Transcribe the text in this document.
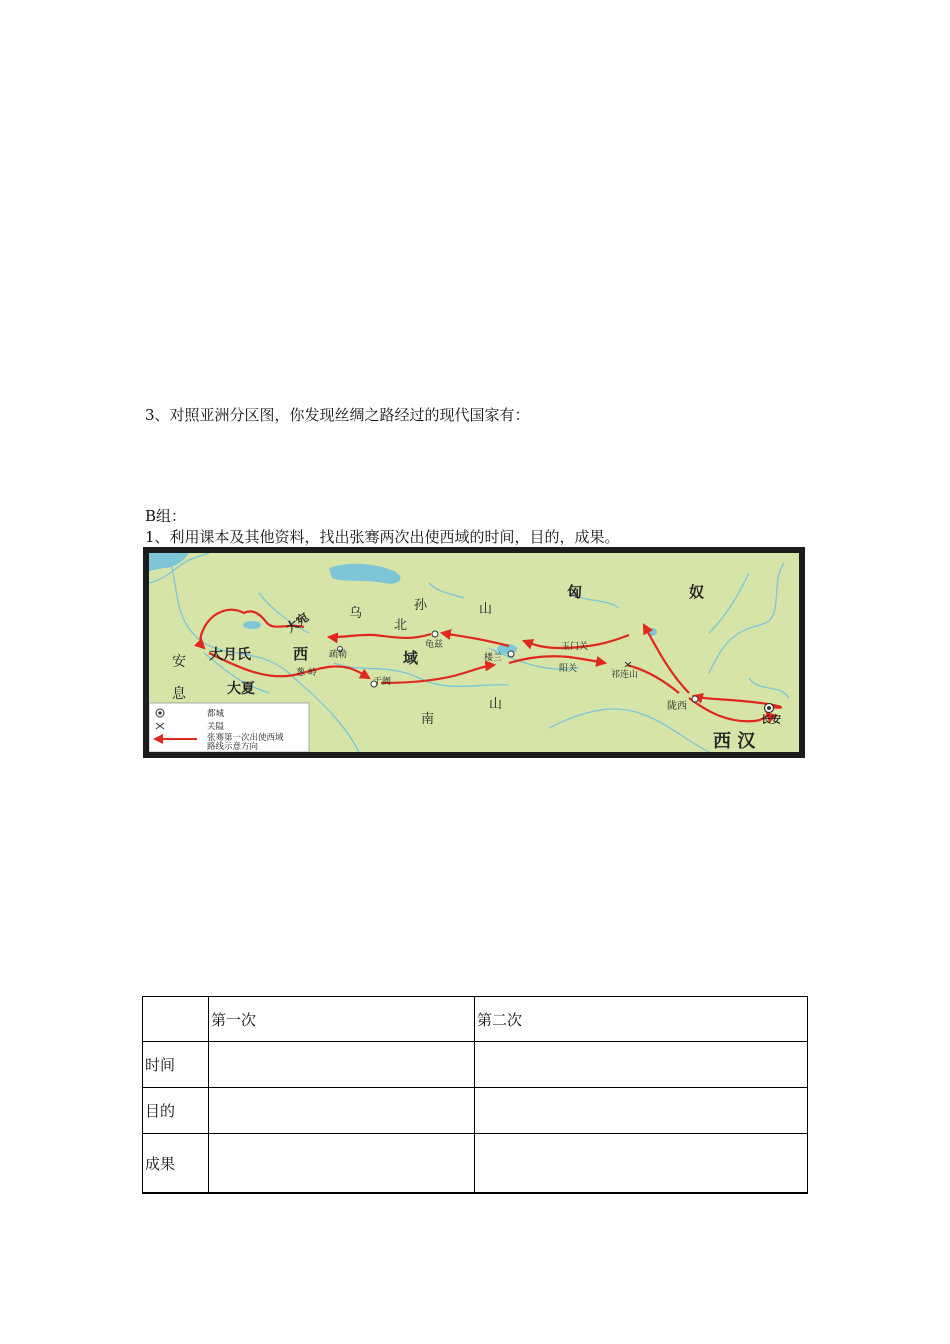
3、对照亚洲分区图，你发现丝绸之路经过的现代国家有：
B组：
1、利用课本及其他资料，找出张骞两次出使西域的时间，目的，成果。
匈	奴
乌
孙
北
山
大宛
大月氏
安
息	大夏
西	域
疏勒
葱 岭
龟兹
楼兰
于阗
玉门关
阳关
祁连山
陇西
长安
南
山
西 汉
都城
关隘
张骞第一次出使西域
路线示意方向
	第一次	第二次
时间		
目的		
成果		
